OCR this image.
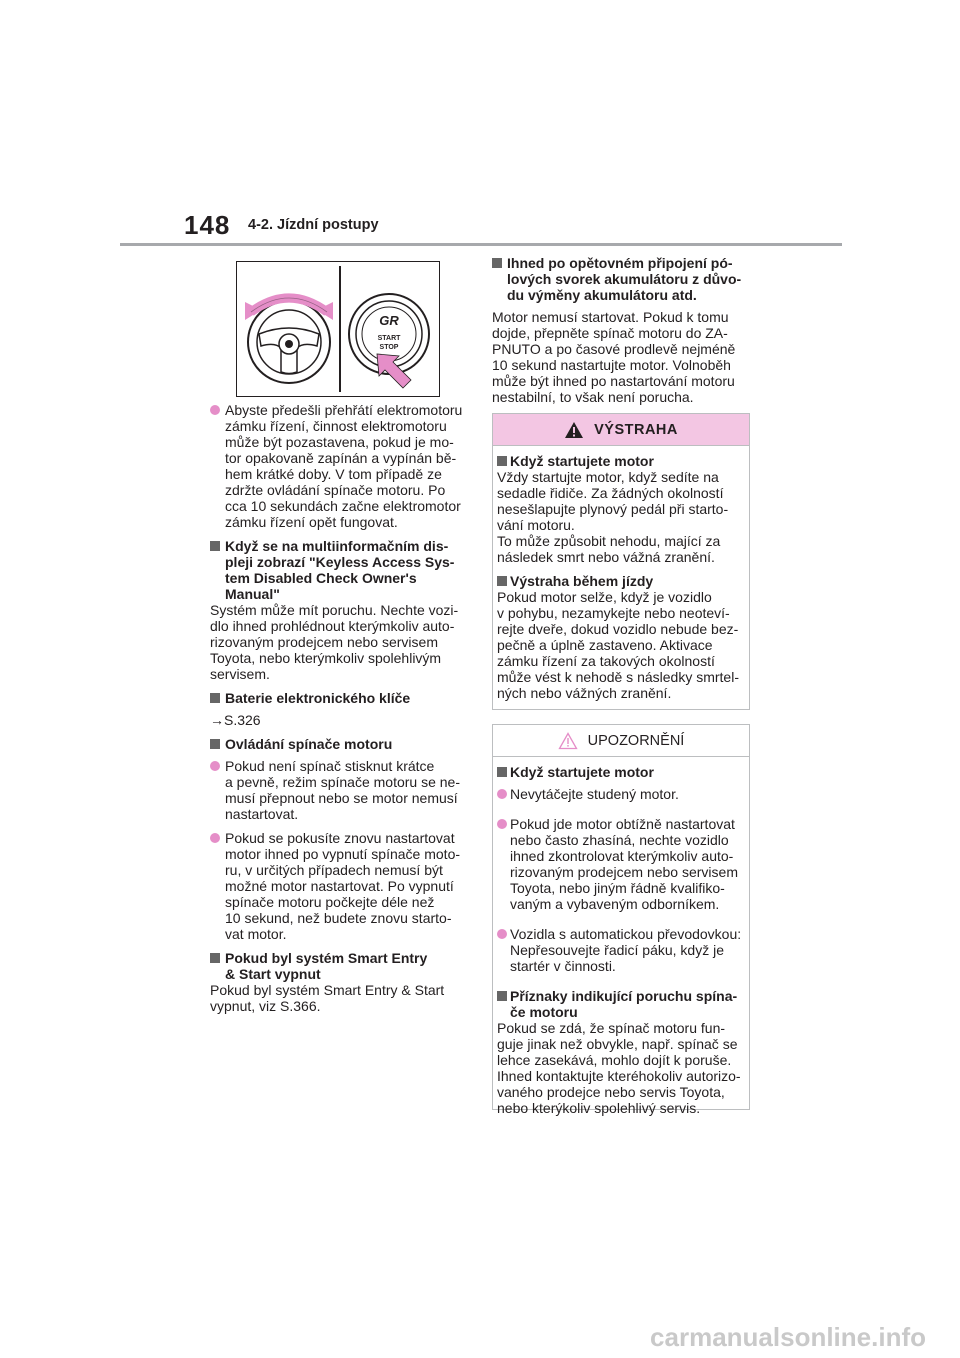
148 4-2. Jízdní postupy
GR
START
STOP
Abyste předešli přehřátí elektromotoru
zámku řízení, činnost elektromotoru
může být pozastavena, pokud je mo-
tor opakovaně zapínán a vypínán bě-
hem krátké doby. V tom případě ze
zdržte ovládání spínače motoru. Po
cca 10 sekundách začne elektromotor
zámku řízení opět fungovat.
Když se na multiinformačním dis-
pleji zobrazí "Keyless Access Sys-
tem Disabled Check Owner's
Manual"
Systém může mít poruchu. Nechte vozi-
dlo ihned prohlédnout kterýmkoliv auto-
rizovaným prodejcem nebo servisem
Toyota, nebo kterýmkoliv spolehlivým
servisem.
Baterie elektronického klíče
→S.326
Ovládání spínače motoru
Pokud není spínač stisknut krátce
a pevně, režim spínače motoru se ne-
musí přepnout nebo se motor nemusí
nastartovat.
Pokud se pokusíte znovu nastartovat
motor ihned po vypnutí spínače moto-
ru, v určitých případech nemusí být
možné motor nastartovat. Po vypnutí
spínače motoru počkejte déle než
10 sekund, než budete znovu starto-
vat motor.
Pokud byl systém Smart Entry
& Start vypnut
Pokud byl systém Smart Entry & Start
vypnut, viz S.366.
Ihned po opětovném připojení pó-
lových svorek akumulátoru z důvo-
du výměny akumulátoru atd.
Motor nemusí startovat. Pokud k tomu
dojde, přepněte spínač motoru do ZA-
PNUTO a po časové prodlevě nejméně
10 sekund nastartujte motor. Volnoběh
může být ihned po nastartování motoru
nestabilní, to však není porucha.
VÝSTRAHA
Když startujete motor
Vždy startujte motor, když sedíte na
sedadle řidiče. Za žádných okolností
nesešlapujte plynový pedál při starto-
vání motoru.
To může způsobit nehodu, mající za
následek smrt nebo vážná zranění.
Výstraha během jízdy
Pokud motor selže, když je vozidlo
v pohybu, nezamykejte nebo neoteví-
rejte dveře, dokud vozidlo nebude bez-
pečně a úplně zastaveno. Aktivace
zámku řízení za takových okolností
může vést k nehodě s následky smrtel-
ných nebo vážných zranění.
UPOZORNĚNÍ
Když startujete motor
Nevytáčejte studený motor.
Pokud jde motor obtížně nastartovat
nebo často zhasíná, nechte vozidlo
ihned zkontrolovat kterýmkoliv auto-
rizovaným prodejcem nebo servisem
Toyota, nebo jiným řádně kvalifiko-
vaným a vybaveným odborníkem.
Vozidla s automatickou převodovkou:
Nepřesouvejte řadicí páku, když je
startér v činnosti.
Příznaky indikující poruchu spína-
če motoru
Pokud se zdá, že spínač motoru fun-
guje jinak než obvykle, např. spínač se
lehce zasekává, mohlo dojít k poruše.
Ihned kontaktujte kteréhokoliv autorizo-
vaného prodejce nebo servis Toyota,
nebo kterýkoliv spolehlivý servis.
carmanualsonline.info
